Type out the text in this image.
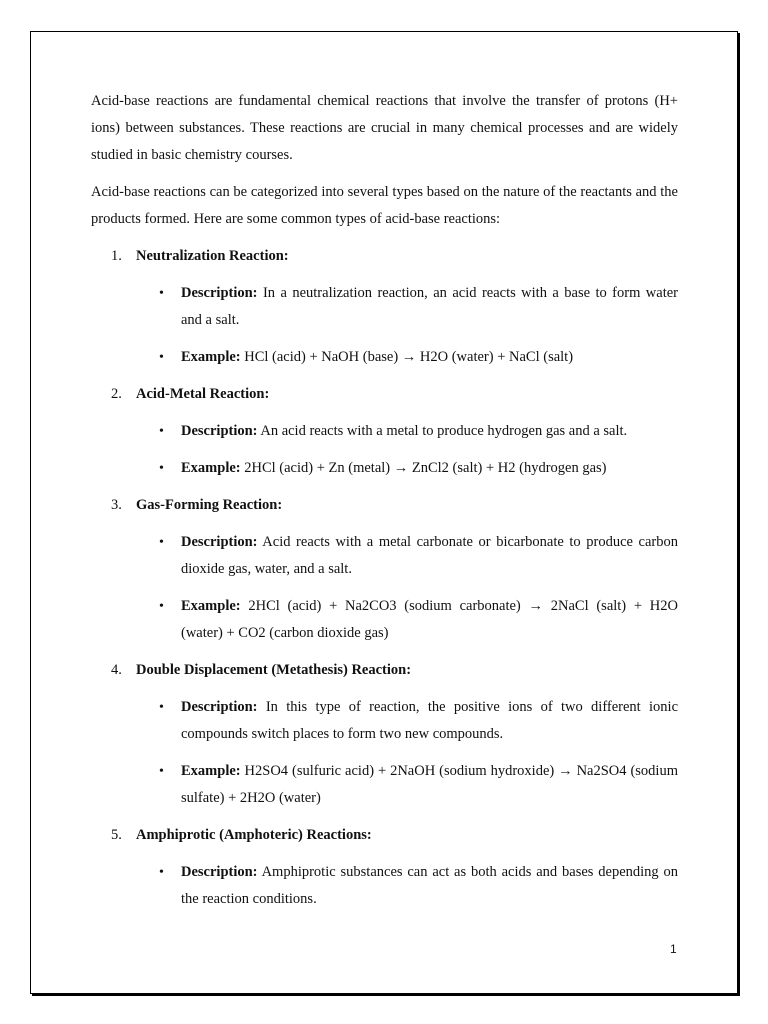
Acid-base reactions are fundamental chemical reactions that involve the transfer of protons (H+ ions) between substances. These reactions are crucial in many chemical processes and are widely studied in basic chemistry courses.

Acid-base reactions can be categorized into several types based on the nature of the reactants and the products formed. Here are some common types of acid-base reactions:

1. Neutralization Reaction:
• Description: In a neutralization reaction, an acid reacts with a base to form water and a salt.
• Example: HCl (acid) + NaOH (base) → H2O (water) + NaCl (salt)
2. Acid-Metal Reaction:
• Description: An acid reacts with a metal to produce hydrogen gas and a salt.
• Example: 2HCl (acid) + Zn (metal) → ZnCl2 (salt) + H2 (hydrogen gas)
3. Gas-Forming Reaction:
• Description: Acid reacts with a metal carbonate or bicarbonate to produce carbon dioxide gas, water, and a salt.
• Example: 2HCl (acid) + Na2CO3 (sodium carbonate) → 2NaCl (salt) + H2O (water) + CO2 (carbon dioxide gas)
4. Double Displacement (Metathesis) Reaction:
• Description: In this type of reaction, the positive ions of two different ionic compounds switch places to form two new compounds.
• Example: H2SO4 (sulfuric acid) + 2NaOH (sodium hydroxide) → Na2SO4 (sodium sulfate) + 2H2O (water)
5. Amphiprotic (Amphoteric) Reactions:
• Description: Amphiprotic substances can act as both acids and bases depending on the reaction conditions.
1
